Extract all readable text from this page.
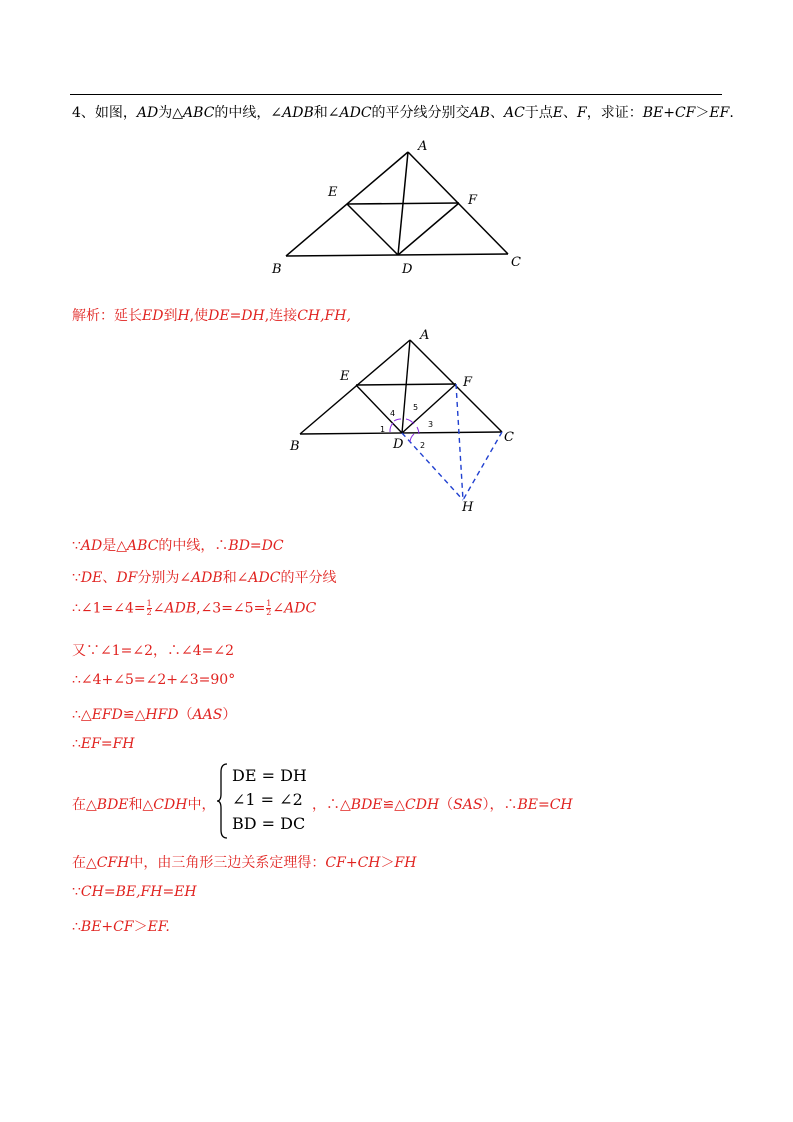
4、如图，AD为△ABC的中线，∠ADB和∠ADC的平分线分别交AB、AC于点E、F，求证：BE+CF＞EF.
A
B	C
D
E
F
解析：延长ED到H,使DE=DH,连接CH,FH,
A
B
C
D
E	F
H
1
2
3
4
5
∵AD是△ABC的中线，∴BD=DC
∵DE、DF分别为∠ADB和∠ADC的平分线
∴∠1=∠4= $\frac{1}{2}$ ∠ADB,∠3=∠5= $\frac{1}{2}$ ∠ADC
又∵∠1=∠2，∴∠4=∠2
∴∠4+∠5=∠2+∠3=90°
∴△EFD≌△HFD（AAS）
∴EF=FH
在△BDE和△CDH中，
DE = DH
∠1 = ∠2
BD = DC
，∴△BDE≌△CDH（SAS），∴BE=CH
在△CFH中，由三角形三边关系定理得：CF+CH＞FH
∵CH=BE,FH=EH
∴BE+CF＞EF.
